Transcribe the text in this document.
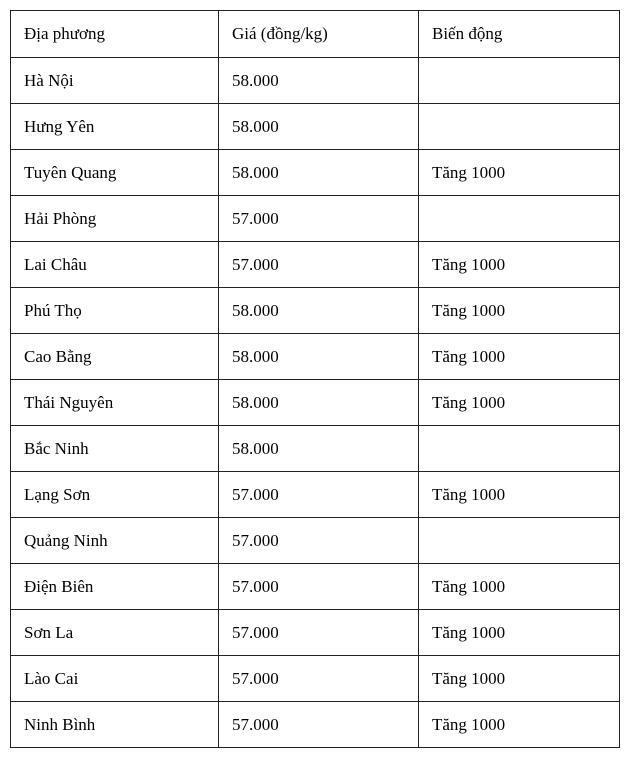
Địa phương	Giá (đồng/kg)	Biến động
Hà Nội	58.000	
Hưng Yên	58.000	
Tuyên Quang	58.000	Tăng 1000
Hải Phòng	57.000	
Lai Châu	57.000	Tăng 1000
Phú Thọ	58.000	Tăng 1000
Cao Bằng	58.000	Tăng 1000
Thái Nguyên	58.000	Tăng 1000
Bắc Ninh	58.000	
Lạng Sơn	57.000	Tăng 1000
Quảng Ninh	57.000	
Điện Biên	57.000	Tăng 1000
Sơn La	57.000	Tăng 1000
Lào Cai	57.000	Tăng 1000
Ninh Bình	57.000	Tăng 1000
